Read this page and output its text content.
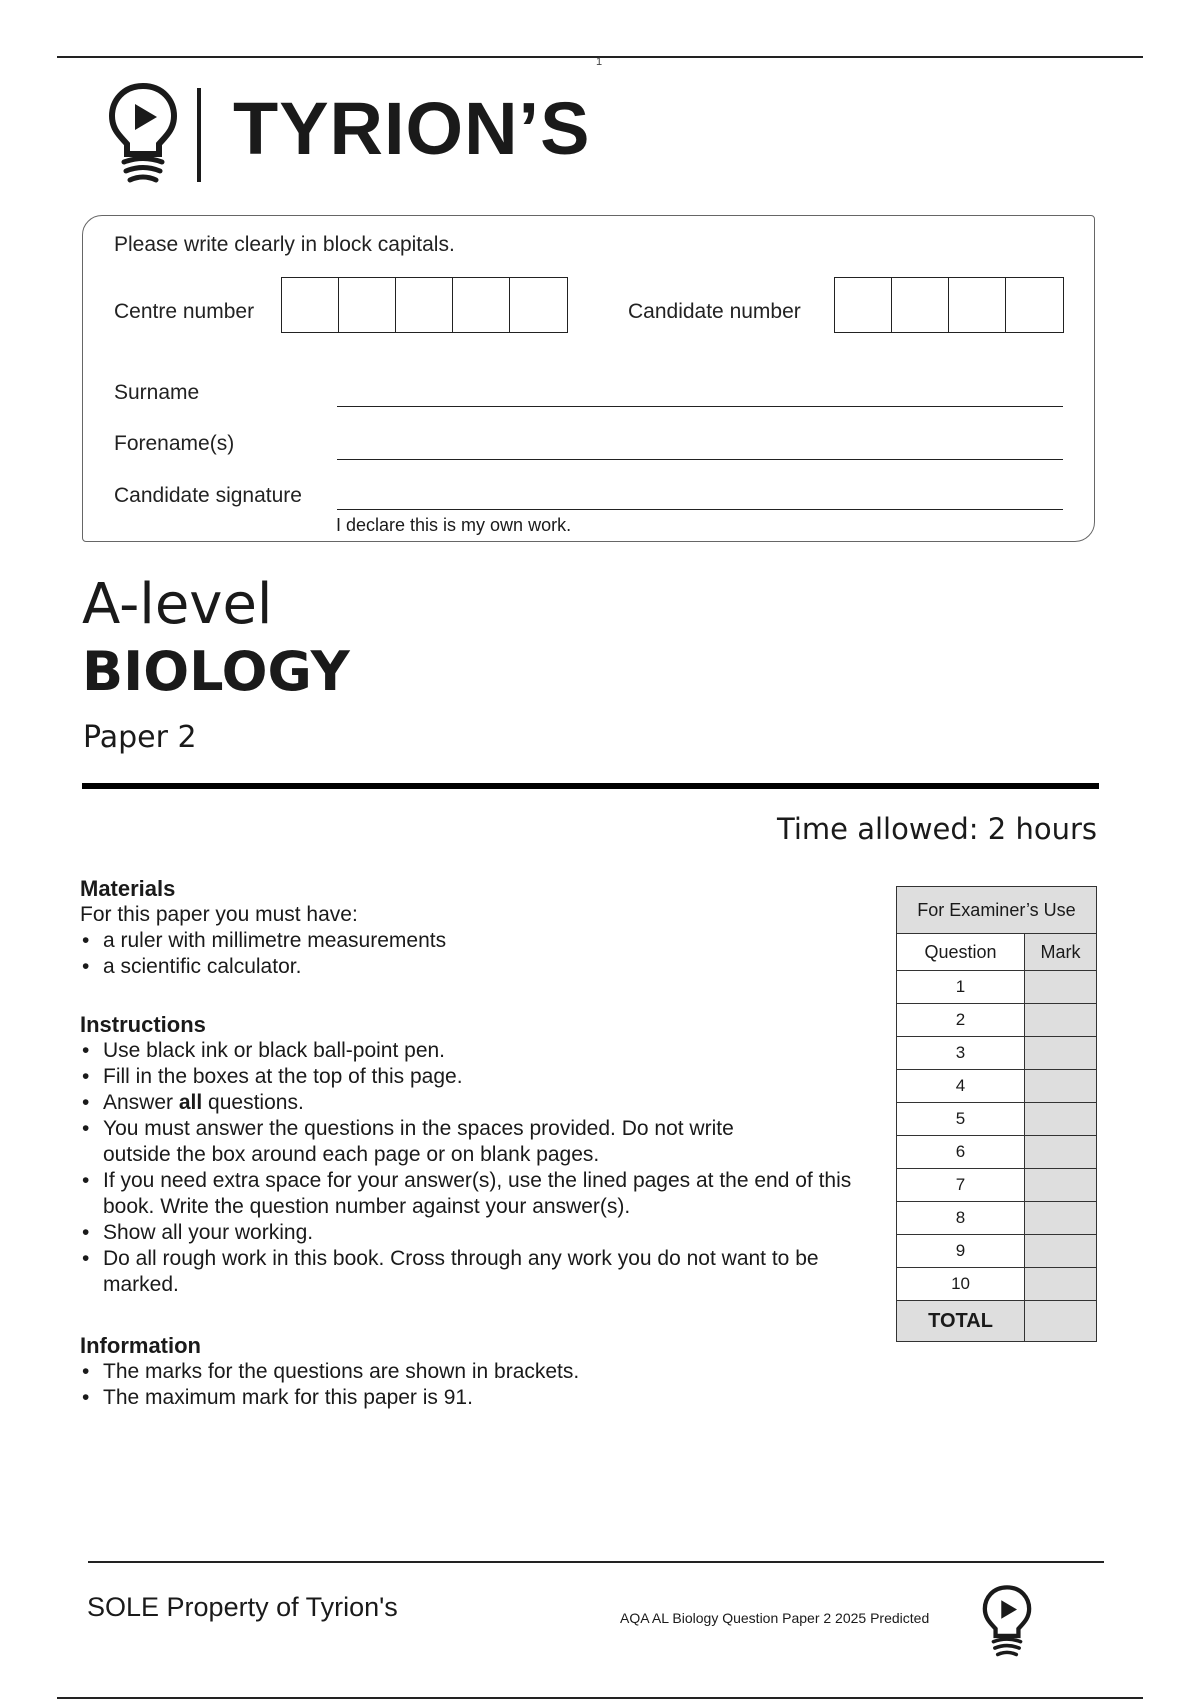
1
TYRION’S
Please write clearly in block capitals.
Centre number	Candidate number
Surname
Forename(s)
Candidate signature
I declare this is my own work.
A-level
BIOLOGY
Paper 2
Time allowed: 2 hours
Materials
For this paper you must have:
• a ruler with millimetre measurements
• a scientific calculator.
Instructions
• Use black ink or black ball-point pen.
• Fill in the boxes at the top of this page.
• Answer all questions.
• You must answer the questions in the spaces provided. Do not write outside the box around each page or on blank pages.
• If you need extra space for your answer(s), use the lined pages at the end of this book. Write the question number against your answer(s).
• Show all your working.
• Do all rough work in this book. Cross through any work you do not want to be marked.
Information
• The marks for the questions are shown in brackets.
• The maximum mark for this paper is 91.
For Examiner’s Use	
Question	Mark
1	
2	
3	
4	
5	
6	
7	
8	
9	
10	
TOTAL	
SOLE Property of Tyrion's	AQA AL Biology Question Paper 2 2025 Predicted
